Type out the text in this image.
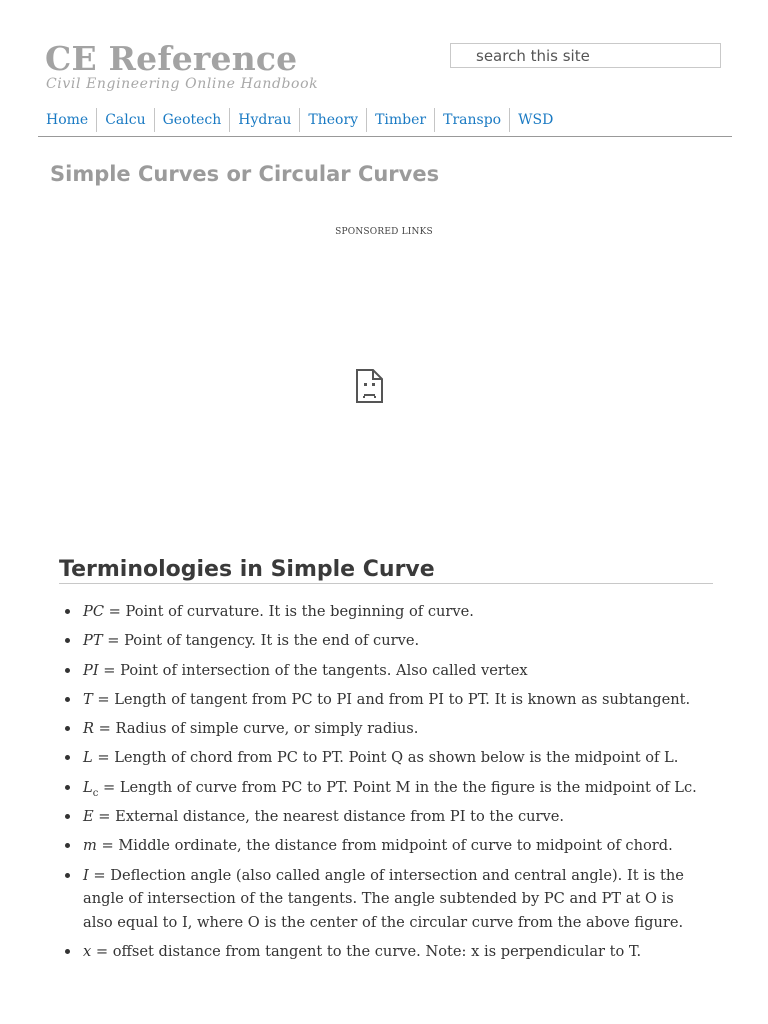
CE Reference
Civil Engineering Online Handbook
search this site
Home	Calcu	Geotech	Hydrau	Theory	Timber	Transpo	WSD
Simple Curves or Circular Curves
SPONSORED LINKS
Terminologies in Simple Curve
PC = Point of curvature. It is the beginning of curve.
PT = Point of tangency. It is the end of curve.
PI = Point of intersection of the tangents. Also called vertex
T = Length of tangent from PC to PI and from PI to PT. It is known as subtangent.
R = Radius of simple curve, or simply radius.
L = Length of chord from PC to PT. Point Q as shown below is the midpoint of L.
$L_c$ = Length of curve from PC to PT. Point M in the the figure is the midpoint of Lc.
E = External distance, the nearest distance from PI to the curve.
m = Middle ordinate, the distance from midpoint of curve to midpoint of chord.
I = Deflection angle (also called angle of intersection and central angle). It is the angle of intersection of the tangents. The angle subtended by PC and PT at O is also equal to I, where O is the center of the circular curve from the above figure.
x = offset distance from tangent to the curve. Note: x is perpendicular to T.
